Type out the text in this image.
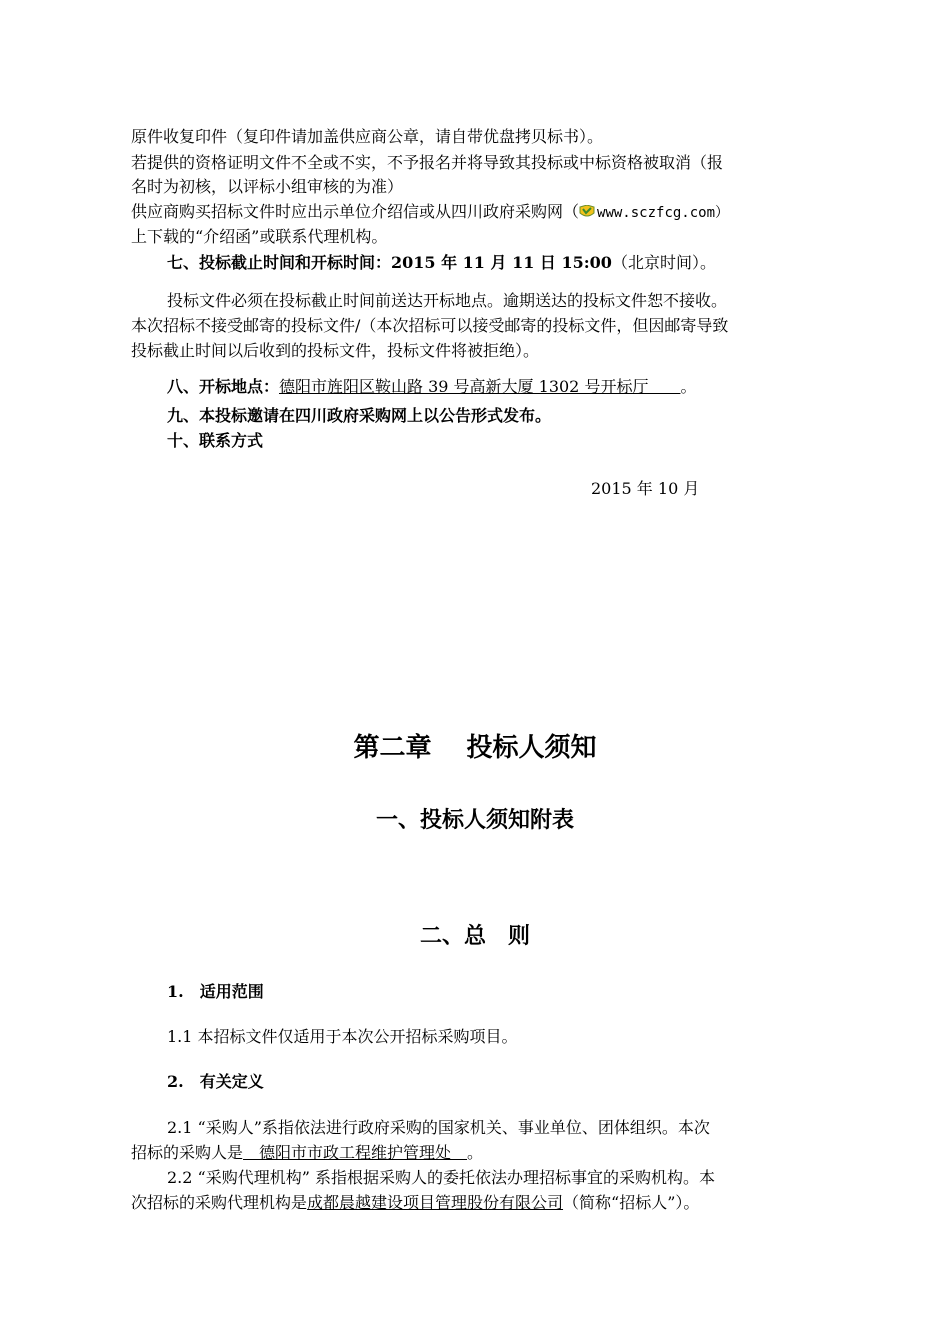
原件收复印件（复印件请加盖供应商公章，请自带优盘拷贝标书）。
若提供的资格证明文件不全或不实，不予报名并将导致其投标或中标资格被取消（报
名时为初核，以评标小组审核的为准）
供应商购买招标文件时应出示单位介绍信或从四川政府采购网（ www.sczfcg.com）
上下载的“介绍函”或联系代理机构。
七、投标截止时间和开标时间：2015 年 11 月 11 日 15:00（北京时间）。
投标文件必须在投标截止时间前送达开标地点。逾期送达的投标文件恕不接收。
本次招标不接受邮寄的投标文件/（本次招标可以接受邮寄的投标文件，但因邮寄导致
投标截止时间以后收到的投标文件，投标文件将被拒绝）。
八、开标地点：德阳市旌阳区鞍山路 39 号高新大厦 1302 号开标厅　　。
九、本投标邀请在四川政府采购网上以公告形式发布。
十、联系方式
2015 年 10 月
第二章　 投标人须知
一、投标人须知附表
二、总　则
1.　适用范围
1.1 本招标文件仅适用于本次公开招标采购项目。
2.　有关定义
2.1 “采购人”系指依法进行政府采购的国家机关、事业单位、团体组织。本次
招标的采购人是　德阳市市政工程维护管理处　。
2.2 “采购代理机构” 系指根据采购人的委托依法办理招标事宜的采购机构。本
次招标的采购代理机构是成都晨越建设项目管理股份有限公司（简称“招标人”）。
